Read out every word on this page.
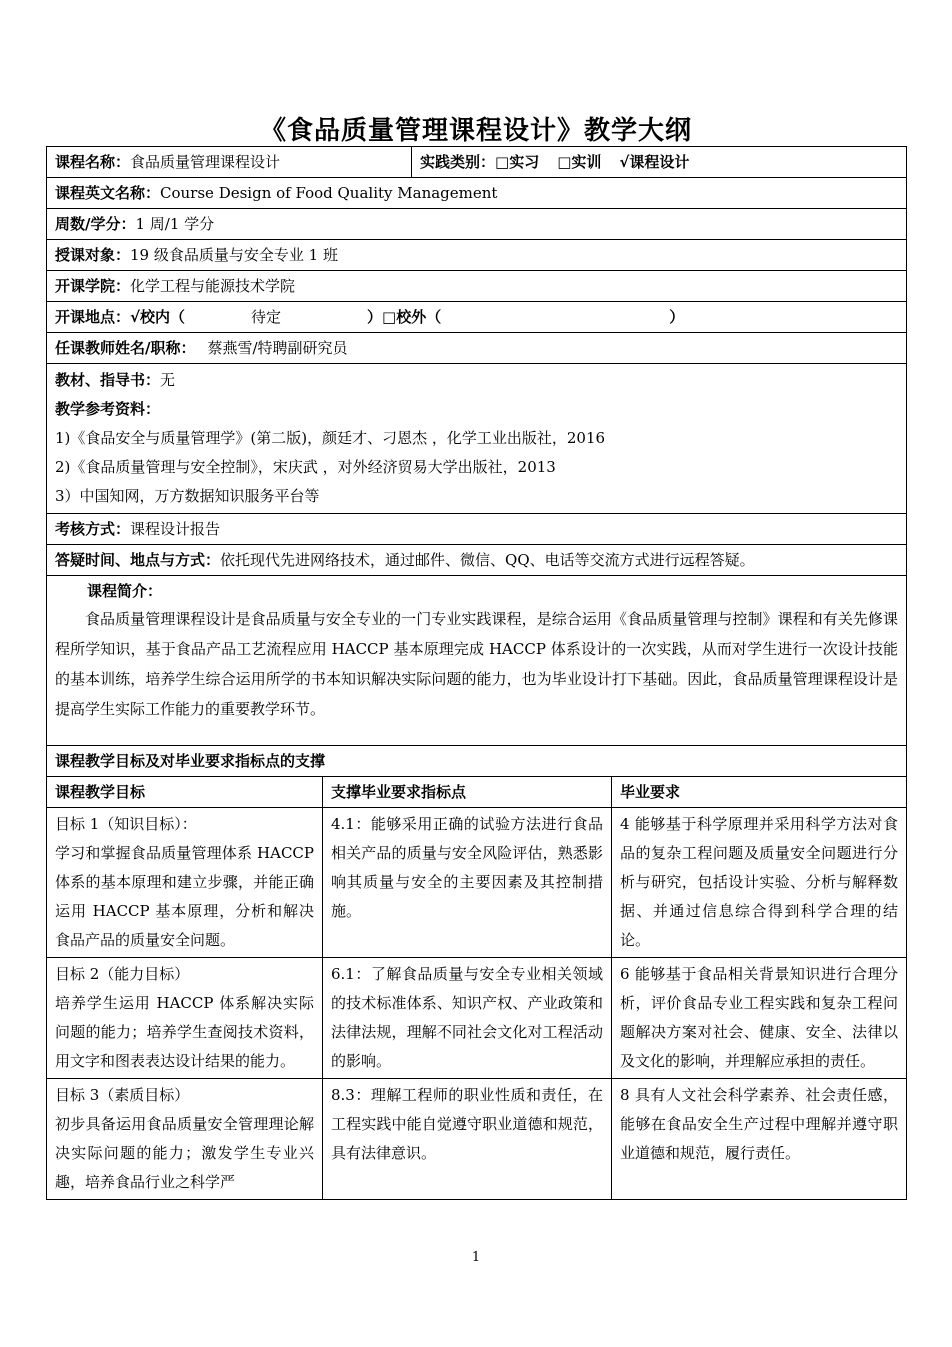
《食品质量管理课程设计》教学大纲
课程名称：食品质量管理课程设计		实践类别：□实习 □实训 √课程设计	
课程英文名称：Course Design of Food Quality Management			
周数/学分：1 周/1 学分			
授课对象：19 级食品质量与安全专业 1 班			
开课学院：化学工程与能源技术学院			
开课地点：√校内（ 待定 ）□校外（ ）			
任课教师姓名/职称： 蔡燕雪/特聘副研究员			

教材、指导书：无
教学参考资料：
1)《食品安全与质量管理学》(第二版)，颜廷才、刁恩杰 ，化学工业出版社，2016
2)《食品质量管理与安全控制》，宋庆武 ，对外经济贸易大学出版社，2013
3）中国知网，万方数据知识服务平台等			

考核方式：课程设计报告			
答疑时间、地点与方式：依托现代先进网络技术，通过邮件、微信、QQ、电话等交流方式进行远程答疑。			

课程简介：

食品质量管理课程设计是食品质量与安全专业的一门专业实践课程，是综合运用《食品质量管理与控制》课程和有关先修课程所学知识，基于食品产品工艺流程应用 HACCP 基本原理完成 HACCP 体系设计的一次实践，从而对学生进行一次设计技能的基本训练，培养学生综合运用所学的书本知识解决实际问题的能力，也为毕业设计打下基础。因此，食品质量管理课程设计是提高学生实际工作能力的重要教学环节。			

课程教学目标及对毕业要求指标点的支撑			
课程教学目标	支撑毕业要求指标点		毕业要求
目标 1（知识目标）：
学习和掌握食品质量管理体系 HACCP 体系的基本原理和建立步骤，并能正确运用 HACCP 基本原理，分析和解决食品产品的质量安全问题。	4.1：能够采用正确的试验方法进行食品相关产品的质量与安全风险评估，熟悉影响其质量与安全的主要因素及其控制措施。		4 能够基于科学原理并采用科学方法对食品的复杂工程问题及质量安全问题进行分析与研究，包括设计实验、分析与解释数据、并通过信息综合得到科学合理的结论。
目标 2（能力目标）
培养学生运用 HACCP 体系解决实际问题的能力；培养学生查阅技术资料，用文字和图表表达设计结果的能力。	6.1：了解食品质量与安全专业相关领域的技术标准体系、知识产权、产业政策和法律法规，理解不同社会文化对工程活动的影响。		6 能够基于食品相关背景知识进行合理分析，评价食品专业工程实践和复杂工程问题解决方案对社会、健康、安全、法律以及文化的影响，并理解应承担的责任。
目标 3（素质目标）
初步具备运用食品质量安全管理理论解决实际问题的能力；激发学生专业兴趣，培养食品行业之科学严	8.3：理解工程师的职业性质和责任，在工程实践中能自觉遵守职业道德和规范，具有法律意识。		8 具有人文社会科学素养、社会责任感，能够在食品安全生产过程中理解并遵守职业道德和规范，履行责任。
1
